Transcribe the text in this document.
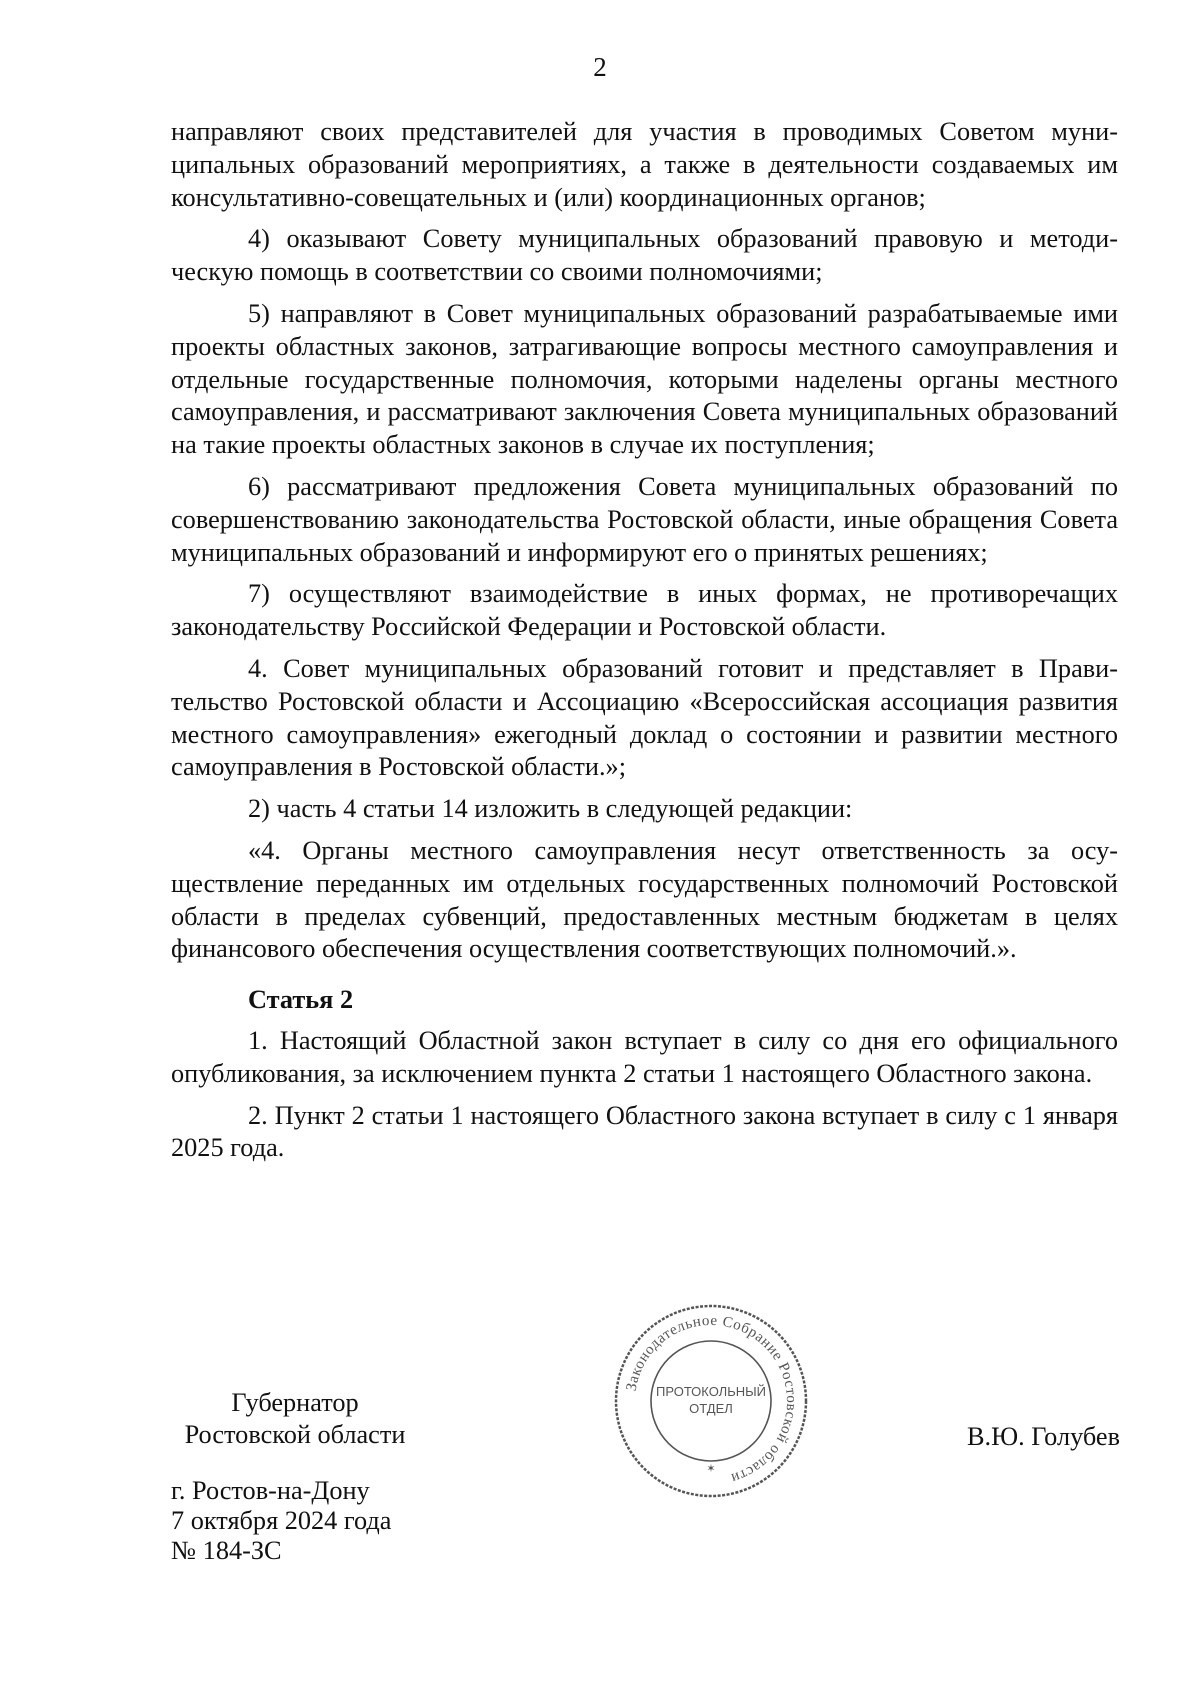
2

направляют своих представителей для участия в проводимых Советом муниципальных образований мероприятиях, а также в деятельности создаваемых им консультативно-совещательных и (или) координационных органов;

4) оказывают Совету муниципальных образований правовую и методическую помощь в соответствии со своими полномочиями;

5) направляют в Совет муниципальных образований разрабатываемые ими проекты областных законов, затрагивающие вопросы местного самоуправления и отдельные государственные полномочия, которыми наделены органы местного самоуправления, и рассматривают заключения Совета муниципальных образований на такие проекты областных законов в случае их поступления;

6) рассматривают предложения Совета муниципальных образований по совершенствованию законодательства Ростовской области, иные обращения Совета муниципальных образований и информируют его о принятых решениях;

7) осуществляют взаимодействие в иных формах, не противоречащих законодательству Российской Федерации и Ростовской области.

4. Совет муниципальных образований готовит и представляет в Правительство Ростовской области и Ассоциацию «Всероссийская ассоциация развития местного самоуправления» ежегодный доклад о состоянии и развитии местного самоуправления в Ростовской области.»;

2) часть 4 статьи 14 изложить в следующей редакции:

«4. Органы местного самоуправления несут ответственность за осуществление переданных им отдельных государственных полномочий Ростовской области в пределах субвенций, предоставленных местным бюджетам в целях финансового обеспечения осуществления соответствующих полномочий.».

Статья 2

1. Настоящий Областной закон вступает в силу со дня его официального опубликования, за исключением пункта 2 статьи 1 настоящего Областного закона.

2. Пункт 2 статьи 1 настоящего Областного закона вступает в силу с 1 января 2025 года.

Губернатор
Ростовской области	В.Ю. Голубев
Законодательное Собрание Ростовской области
ПРОТОКОЛЬНЫЙ
ОТДЕЛ
✶
г. Ростов-на-Дону
7 октября 2024 года
№ 184-ЗС
